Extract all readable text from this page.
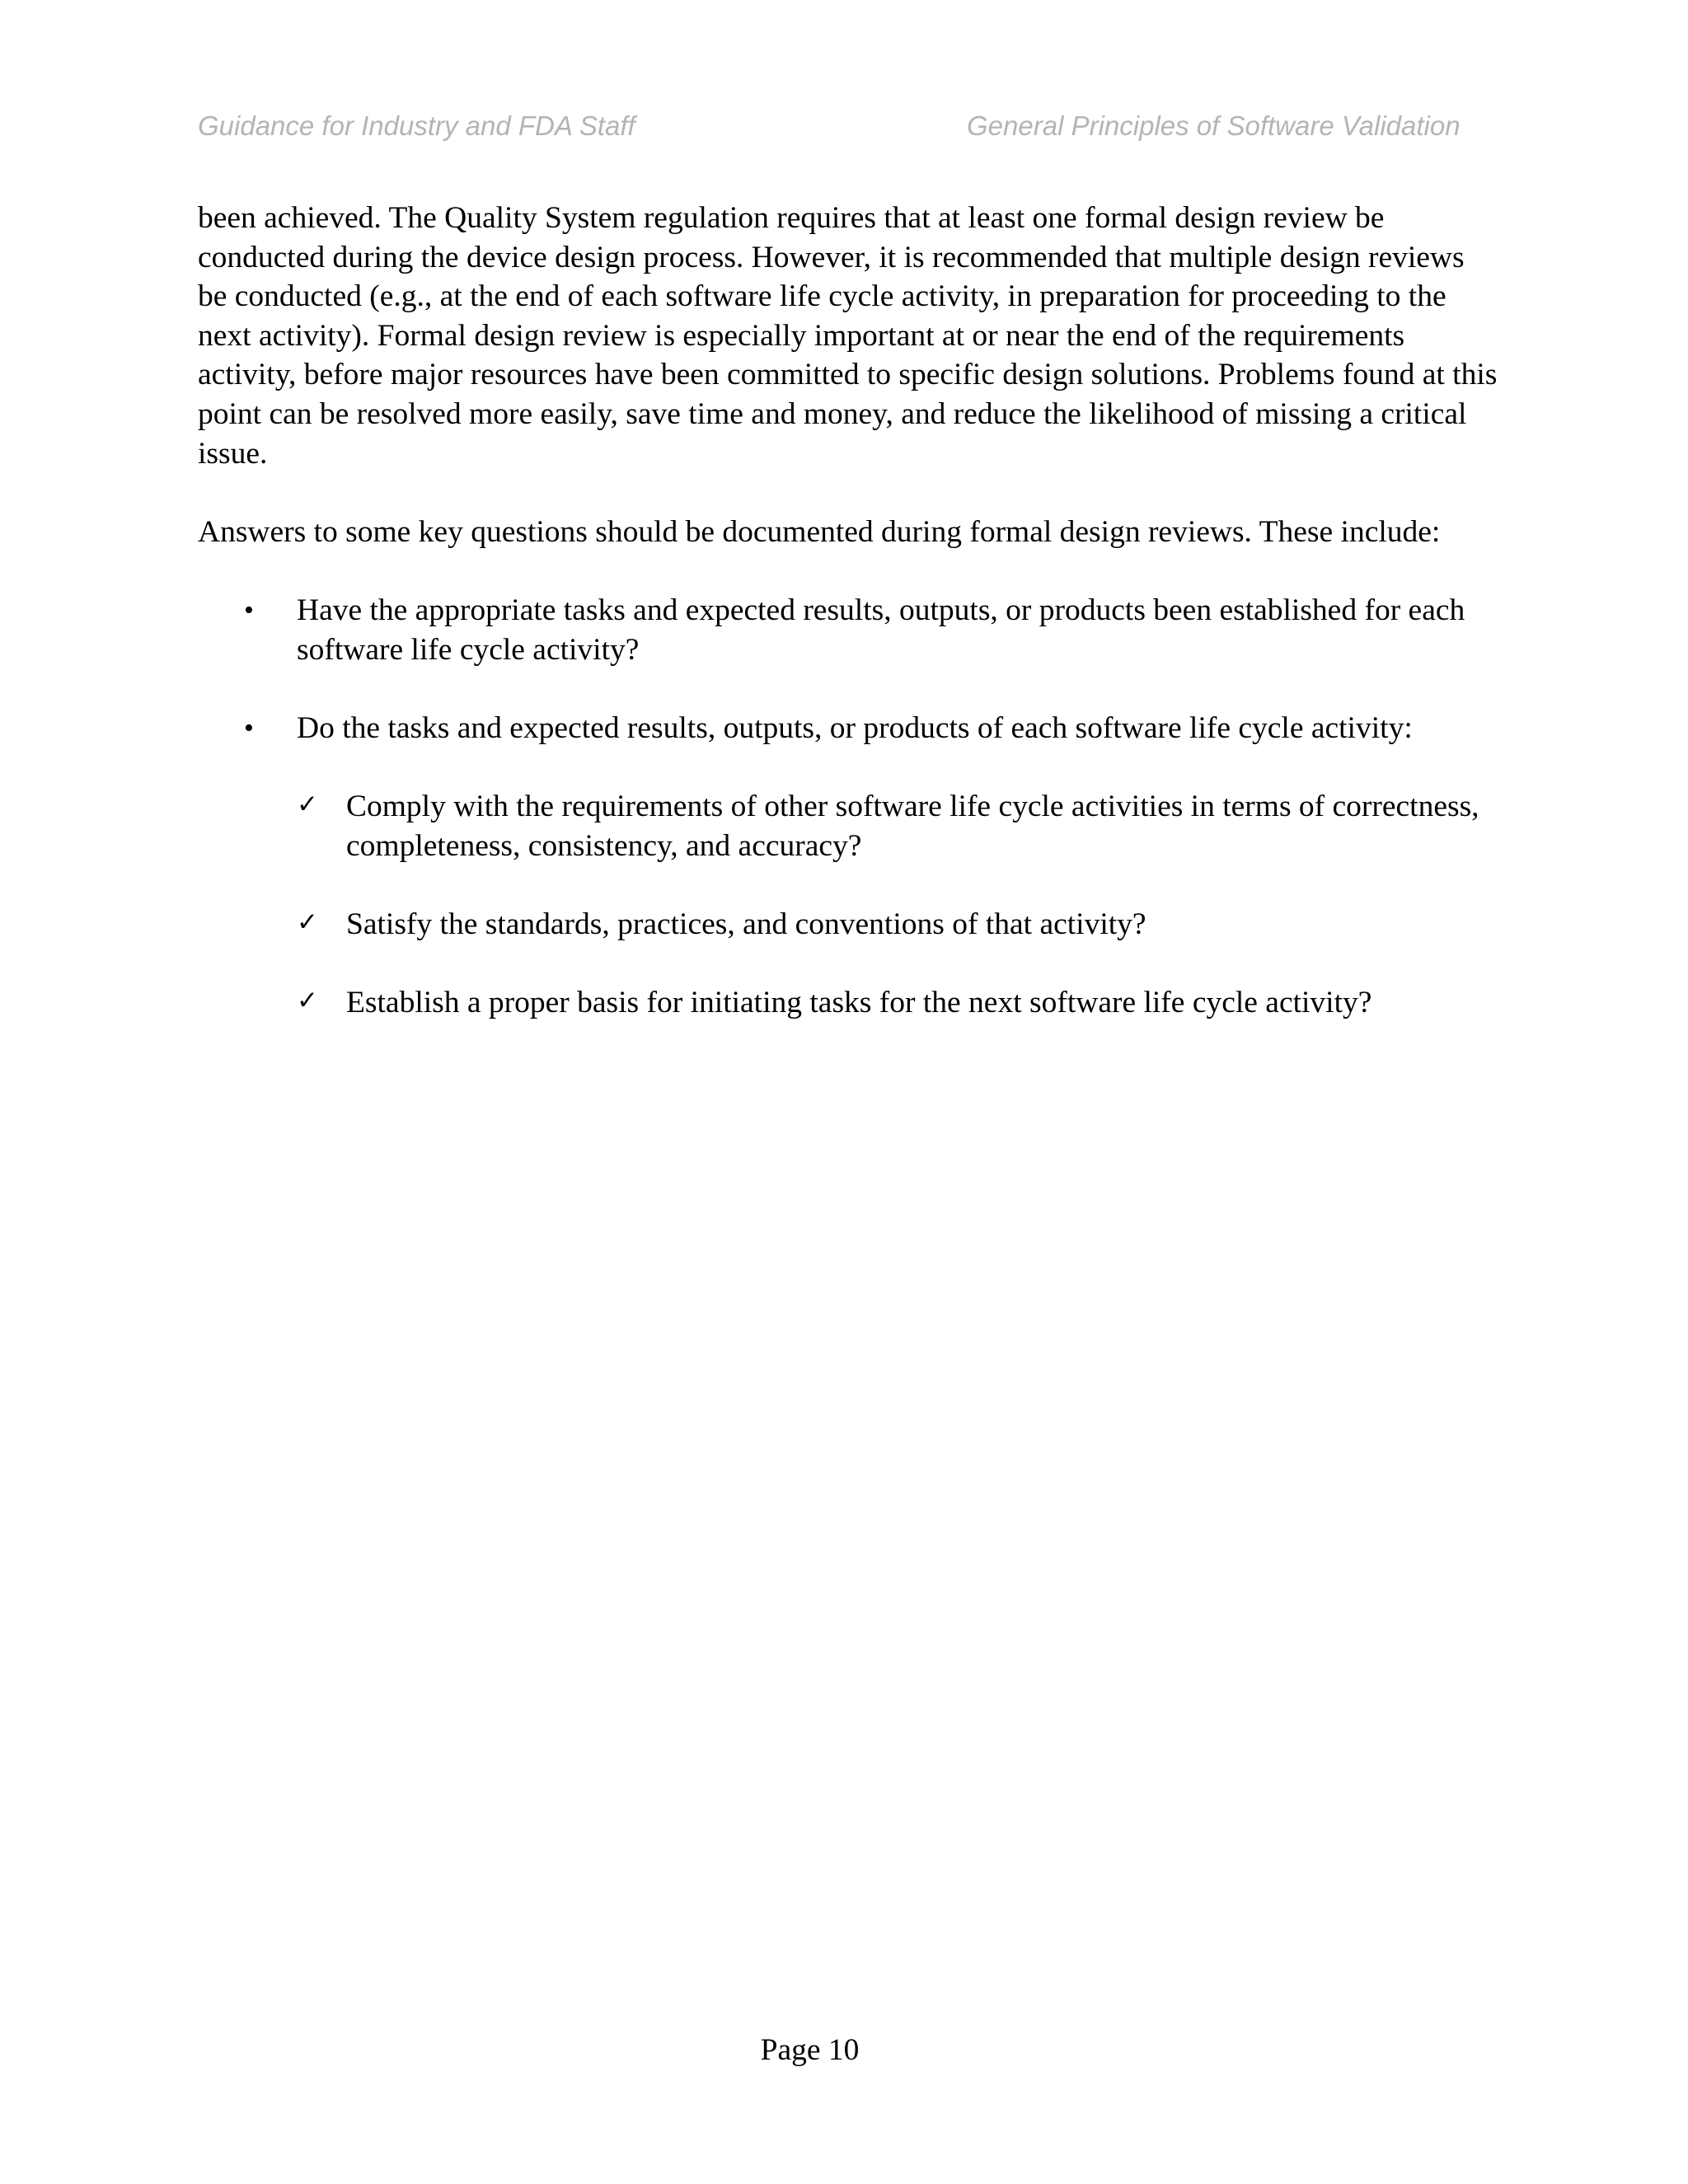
Guidance for Industry and FDA Staff	General Principles of Software Validation

been achieved. The Quality System regulation requires that at least one formal design review be conducted during the device design process. However, it is recommended that multiple design reviews be conducted (e.g., at the end of each software life cycle activity, in preparation for proceeding to the next activity). Formal design review is especially important at or near the end of the requirements activity, before major resources have been committed to specific design solutions. Problems found at this point can be resolved more easily, save time and money, and reduce the likelihood of missing a critical issue.

Answers to some key questions should be documented during formal design reviews. These include:

• Have the appropriate tasks and expected results, outputs, or products been established for each software life cycle activity?
• Do the tasks and expected results, outputs, or products of each software life cycle activity:
✓ Comply with the requirements of other software life cycle activities in terms of correctness, completeness, consistency, and accuracy?
✓ Satisfy the standards, practices, and conventions of that activity?
✓ Establish a proper basis for initiating tasks for the next software life cycle activity?
Page 10
